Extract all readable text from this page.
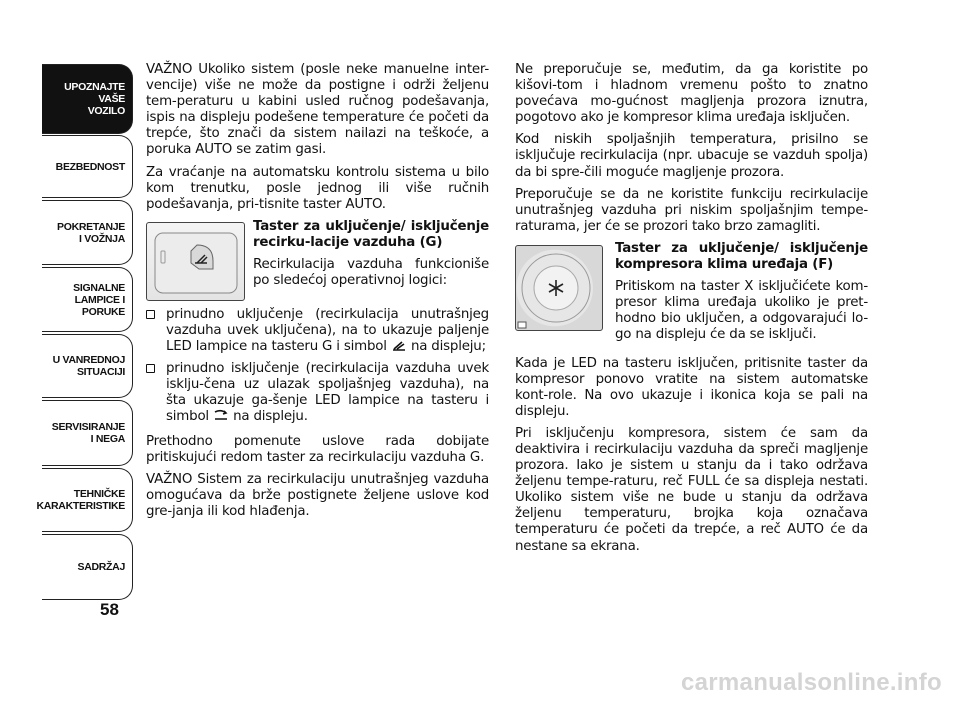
UPOZNAJTE
VAŠE
VOZILO
BEZBEDNOST
POKRETANJE
I VOŽNJA
SIGNALNE
LAMPICE I PORUKE
U VANREDNOJ
SITUACIJI
SERVISIRANJE
I NEGA
TEHNIČKE
KARAKTERISTIKE
SADRŽAJ
58

VAŽNO Ukoliko sistem (posle neke manuelne inter-vencije) više ne može da postigne i održi željenu tem-peraturu u kabini usled ručnog podešavanja, ispis na displeju podešene temperature će početi da trepće, što znači da sistem nailazi na teškoće, a poruka AUTO se zatim gasi.

Za vraćanje na automatsku kontrolu sistema u bilo kom trenutku, posle jednog ili više ručnih podešavanja, pri-tisnite taster AUTO.

Taster za uključenje/ isključenje recirku-lacije vazduha (G)

Recirkulacija vazduha funkcioniše po sledećoj operativnoj logici:

prinudno uključenje (recirkulacija unutrašnjeg vazduha uvek uključena), na to ukazuje paljenje LED lampice na tasteru G i simbol na displeju;
prinudno isključenje (recirkulacija vazduha uvek isklju-čena uz ulazak spoljašnjeg vazduha), na šta ukazuje ga-šenje LED lampice na tasteru i simbol na displeju.

Prethodno pomenute uslove rada dobijate pritiskujući redom taster za recirkulaciju vazduha G.

VAŽNO Sistem za recirkulaciju unutrašnjeg vazduha omogućava da brže postignete željene uslove kod gre-janja ili kod hlađenja.

Ne preporučuje se, međutim, da ga koristite po kišovi-tom i hladnom vremenu pošto to znatno povećava mo-gućnost magljenja prozora iznutra, pogotovo ako je kompresor klima uređaja isključen.

Kod niskih spoljašnjih temperatura, prisilno se isključuje recirkulacija (npr. ubacuje se vazduh spolja) da bi spre-čili moguće magljenje prozora.

Preporučuje se da ne koristite funkciju recirkulacije unutrašnjeg vazduha pri niskim spoljašnjim tempe-raturama, jer će se prozori tako brzo zamagliti.

Taster za uključenje/ isključenje kompresora klima uređaja (F)

Pritiskom na taster X isključićete kom-presor klima uređaja ukoliko je pret-hodno bio uključen, a odgovarajući lo-go na displeju će da se isključi.

Kada je LED na tasteru isključen, pritisnite taster da kompresor ponovo vratite na sistem automatske kont-role. Na ovo ukazuje i ikonica koja se pali na displeju.

Pri isključenju kompresora, sistem će sam da deaktivira i recirkulaciju vazduha da spreči magljenje prozora. Iako je sistem u stanju da i tako održava željenu tempe-raturu, reč FULL će sa displeja nestati. Ukoliko sistem više ne bude u stanju da održava željenu temperaturu, brojka koja označava temperaturu će početi da trepće, a reč AUTO će da nestane sa ekrana.

carmanualsonline.info
